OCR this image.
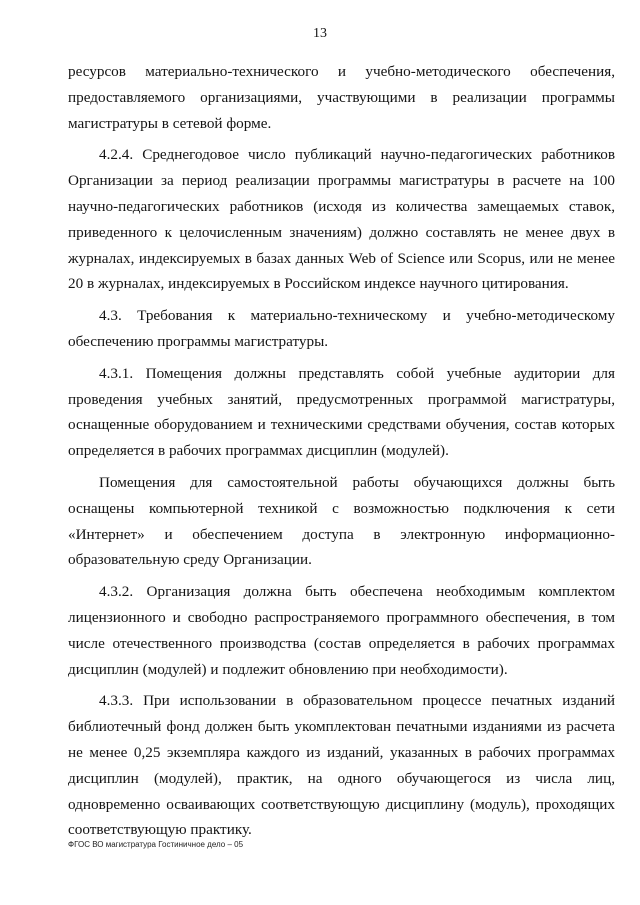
13

ресурсов материально-технического и учебно-методического обеспечения, предоставляемого организациями, участвующими в реализации программы магистратуры в сетевой форме.

4.2.4. Среднегодовое число публикаций научно-педагогических работников Организации за период реализации программы магистратуры в расчете на 100 научно-педагогических работников (исходя из количества замещаемых ставок, приведенного к целочисленным значениям) должно составлять не менее двух в журналах, индексируемых в базах данных Web of Science или Scopus, или не менее 20 в журналах, индексируемых в Российском индексе научного цитирования.

4.3. Требования к материально-техническому и учебно-методическому обеспечению программы магистратуры.

4.3.1. Помещения должны представлять собой учебные аудитории для проведения учебных занятий, предусмотренных программой магистратуры, оснащенные оборудованием и техническими средствами обучения, состав которых определяется в рабочих программах дисциплин (модулей).

Помещения для самостоятельной работы обучающихся должны быть оснащены компьютерной техникой с возможностью подключения к сети «Интернет» и обеспечением доступа в электронную информационно-образовательную среду Организации.

4.3.2. Организация должна быть обеспечена необходимым комплектом лицензионного и свободно распространяемого программного обеспечения, в том числе отечественного производства (состав определяется в рабочих программах дисциплин (модулей) и подлежит обновлению при необходимости).

4.3.3. При использовании в образовательном процессе печатных изданий библиотечный фонд должен быть укомплектован печатными изданиями из расчета не менее 0,25 экземпляра каждого из изданий, указанных в рабочих программах дисциплин (модулей), практик, на одного обучающегося из числа лиц, одновременно осваивающих соответствующую дисциплину (модуль), проходящих соответствующую практику.

ФГОС ВО магистратура Гостиничное дело – 05
